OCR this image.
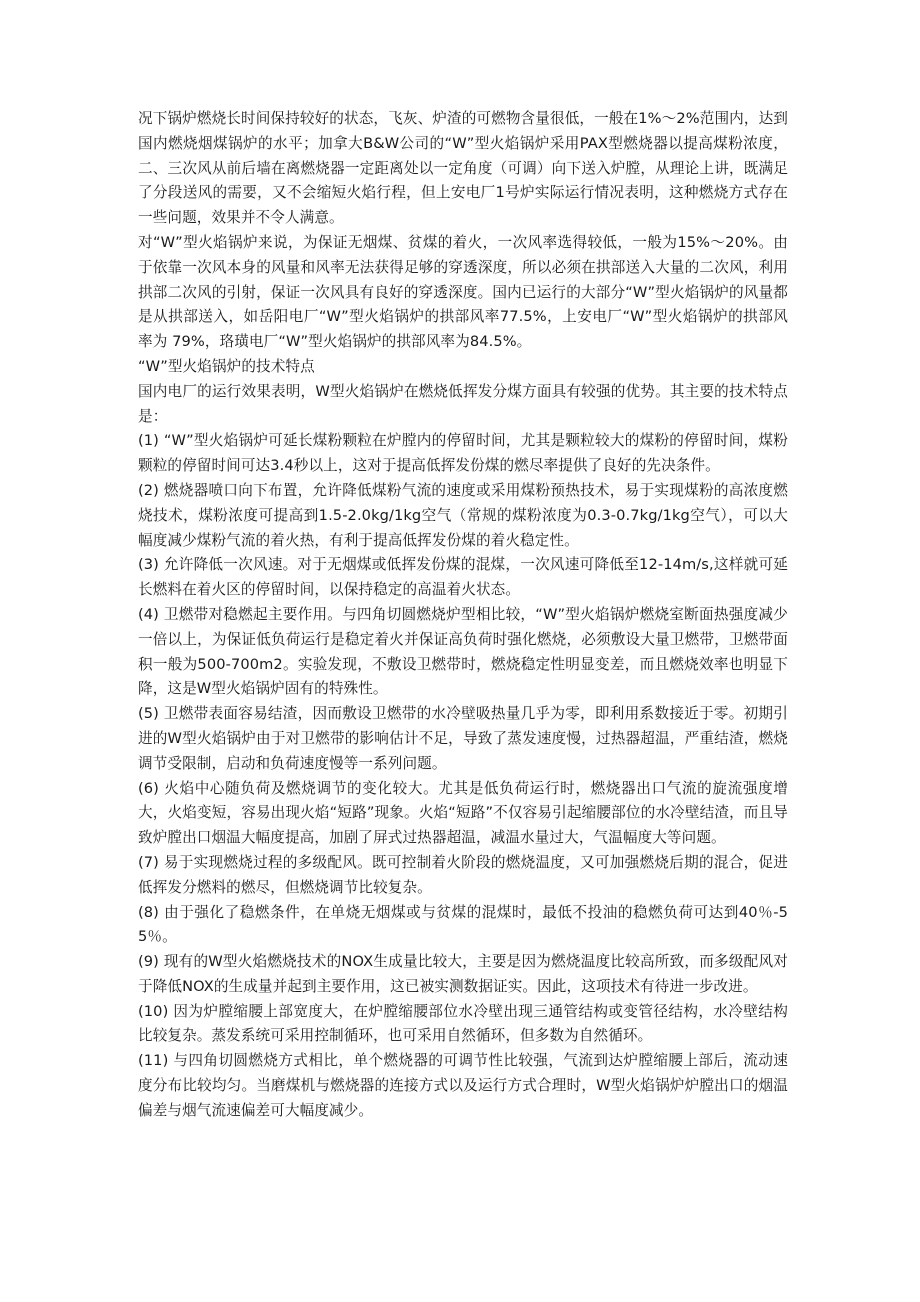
况下锅炉燃烧长时间保持较好的状态，飞灰、炉渣的可燃物含量很低，一般在1%～2%范围内，达到国内燃烧烟煤锅炉的水平；加拿大B&W公司的“W”型火焰锅炉采用PAX型燃烧器以提高煤粉浓度，二、三次风从前后墙在离燃烧器一定距离处以一定角度（可调）向下送入炉膛，从理论上讲，既满足了分段送风的需要，又不会缩短火焰行程，但上安电厂1号炉实际运行情况表明，这种燃烧方式存在一些问题，效果并不令人满意。

对“W”型火焰锅炉来说，为保证无烟煤、贫煤的着火，一次风率选得较低，一般为15%～20%。由于依靠一次风本身的风量和风率无法获得足够的穿透深度，所以必须在拱部送入大量的二次风，利用拱部二次风的引射，保证一次风具有良好的穿透深度。国内已运行的大部分“W”型火焰锅炉的风量都是从拱部送入，如岳阳电厂“W”型火焰锅炉的拱部风率77.5%，上安电厂“W”型火焰锅炉的拱部风率为 79%，珞璜电厂“W”型火焰锅炉的拱部风率为84.5%。

“W”型火焰锅炉的技术特点

国内电厂的运行效果表明，W型火焰锅炉在燃烧低挥发分煤方面具有较强的优势。其主要的技术特点是：

(1) “W”型火焰锅炉可延长煤粉颗粒在炉膛内的停留时间，尤其是颗粒较大的煤粉的停留时间，煤粉颗粒的停留时间可达3.4秒以上，这对于提高低挥发份煤的燃尽率提供了良好的先决条件。

(2) 燃烧器喷口向下布置，允许降低煤粉气流的速度或采用煤粉预热技术，易于实现煤粉的高浓度燃烧技术，煤粉浓度可提高到1.5-2.0kg/1kg空气（常规的煤粉浓度为0.3-0.7kg/1kg空气），可以大幅度减少煤粉气流的着火热，有利于提高低挥发份煤的着火稳定性。

(3) 允许降低一次风速。对于无烟煤或低挥发份煤的混煤，一次风速可降低至12-14m/s,这样就可延长燃料在着火区的停留时间，以保持稳定的高温着火状态。

(4) 卫燃带对稳燃起主要作用。与四角切圆燃烧炉型相比较，“W”型火焰锅炉燃烧室断面热强度减少一倍以上，为保证低负荷运行是稳定着火并保证高负荷时强化燃烧，必须敷设大量卫燃带，卫燃带面积一般为500-700m2。实验发现，不敷设卫燃带时，燃烧稳定性明显变差，而且燃烧效率也明显下降，这是W型火焰锅炉固有的特殊性。

(5) 卫燃带表面容易结渣，因而敷设卫燃带的水冷壁吸热量几乎为零，即利用系数接近于零。初期引进的W型火焰锅炉由于对卫燃带的影响估计不足，导致了蒸发速度慢，过热器超温，严重结渣，燃烧调节受限制，启动和负荷速度慢等一系列问题。

(6) 火焰中心随负荷及燃烧调节的变化较大。尤其是低负荷运行时，燃烧器出口气流的旋流强度增大，火焰变短，容易出现火焰“短路”现象。火焰“短路”不仅容易引起缩腰部位的水冷壁结渣，而且导致炉膛出口烟温大幅度提高，加剧了屏式过热器超温，减温水量过大，气温幅度大等问题。

(7) 易于实现燃烧过程的多级配风。既可控制着火阶段的燃烧温度，又可加强燃烧后期的混合，促进低挥发分燃料的燃尽，但燃烧调节比较复杂。

(8) 由于强化了稳燃条件，在单烧无烟煤或与贫煤的混煤时，最低不投油的稳燃负荷可达到40％-55％。

(9) 现有的W型火焰燃烧技术的NOX生成量比较大，主要是因为燃烧温度比较高所致，而多级配风对于降低NOX的生成量并起到主要作用，这已被实测数据证实。因此，这项技术有待进一步改进。

(10) 因为炉膛缩腰上部宽度大，在炉膛缩腰部位水冷壁出现三通管结构或变管径结构，水冷壁结构比较复杂。蒸发系统可采用控制循环，也可采用自然循环，但多数为自然循环。

(11) 与四角切圆燃烧方式相比，单个燃烧器的可调节性比较强，气流到达炉膛缩腰上部后，流动速度分布比较均匀。当磨煤机与燃烧器的连接方式以及运行方式合理时，W型火焰锅炉炉膛出口的烟温偏差与烟气流速偏差可大幅度减少。
